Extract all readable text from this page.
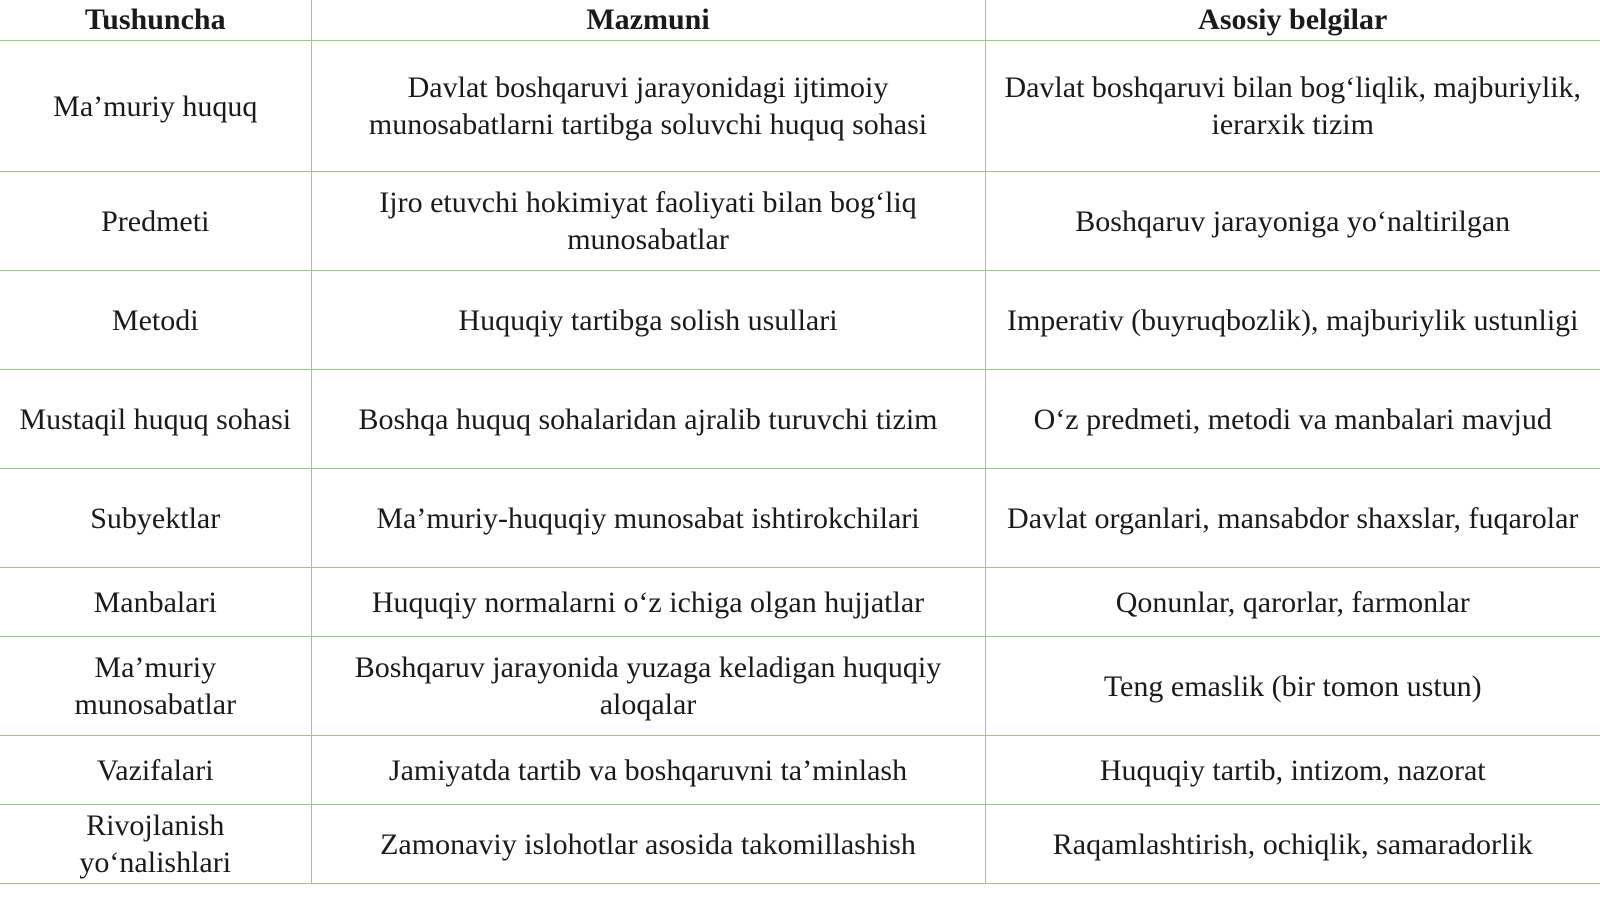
Tushuncha	Mazmuni	Asosiy belgilar
Ma’muriy huquq	Davlat boshqaruvi jarayonidagi ijtimoiy munosabatlarni tartibga soluvchi huquq sohasi	Davlat boshqaruvi bilan bog‘liqlik, majburiylik, ierarxik tizim
Predmeti	Ijro etuvchi hokimiyat faoliyati bilan bog‘liq munosabatlar	Boshqaruv jarayoniga yo‘naltirilgan
Metodi	Huquqiy tartibga solish usullari	Imperativ (buyruqbozlik), majburiylik ustunligi
Mustaqil huquq sohasi	Boshqa huquq sohalaridan ajralib turuvchi tizim	O‘z predmeti, metodi va manbalari mavjud
Subyektlar	Ma’muriy-huquqiy munosabat ishtirokchilari	Davlat organlari, mansabdor shaxslar, fuqarolar
Manbalari	Huquqiy normalarni o‘z ichiga olgan hujjatlar	Qonunlar, qarorlar, farmonlar
Ma’muriy munosabatlar	Boshqaruv jarayonida yuzaga keladigan huquqiy aloqalar	Teng emaslik (bir tomon ustun)
Vazifalari	Jamiyatda tartib va boshqaruvni ta’minlash	Huquqiy tartib, intizom, nazorat
Rivojlanish yo‘nalishlari	Zamonaviy islohotlar asosida takomillashish	Raqamlashtirish, ochiqlik, samaradorlik
